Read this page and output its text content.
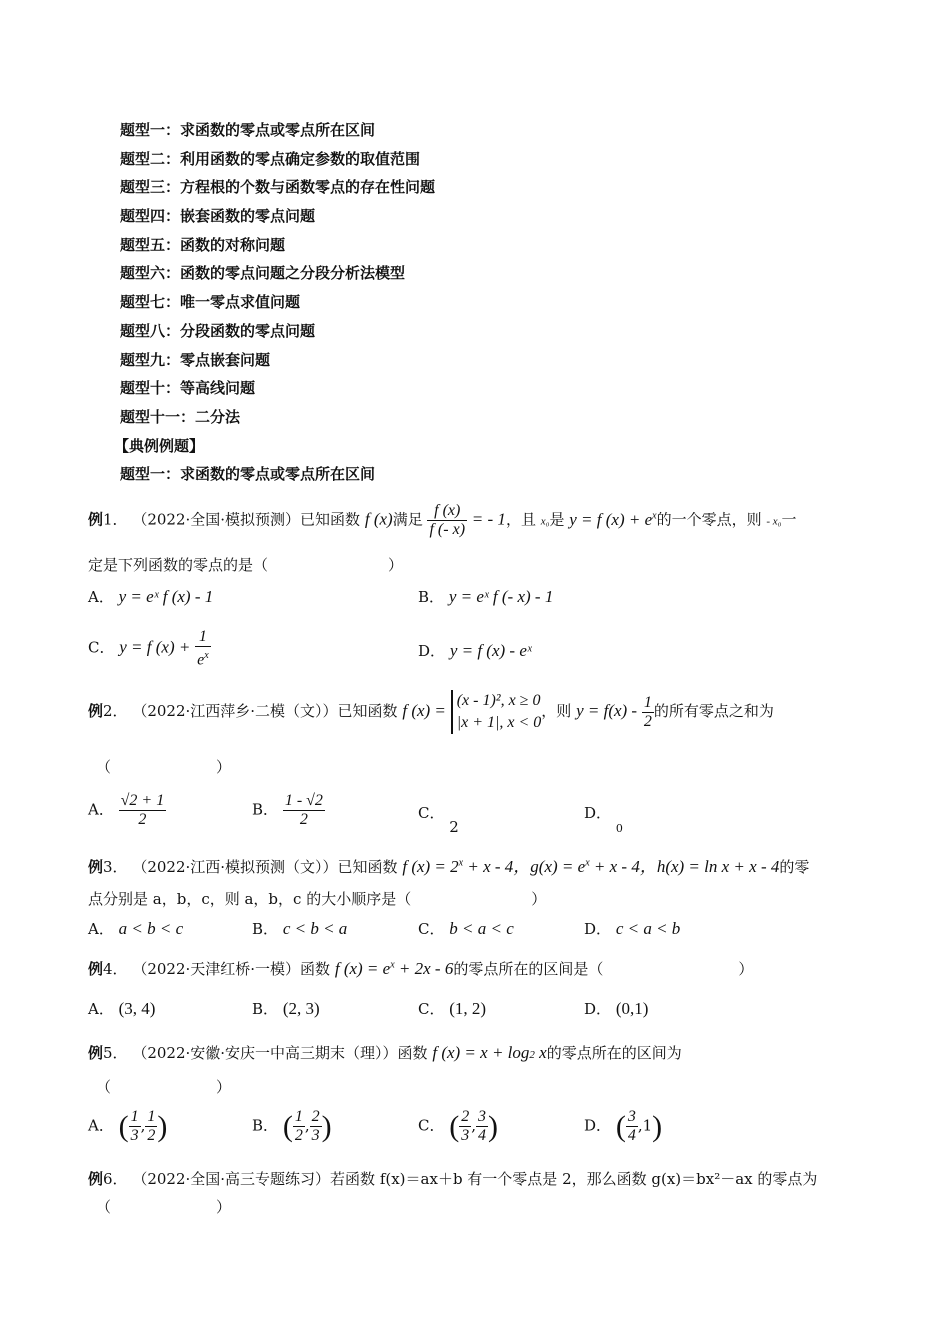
题型一：求函数的零点或零点所在区间
题型二：利用函数的零点确定参数的取值范围
题型三：方程根的个数与函数零点的存在性问题
题型四：嵌套函数的零点问题
题型五：函数的对称问题
题型六：函数的零点问题之分段分析法模型
题型七：唯一零点求值问题
题型八：分段函数的零点问题
题型九：零点嵌套问题
题型十：等高线问题
题型十一：二分法
【典例例题】
题型一：求函数的零点或零点所在区间
例1． （2022·全国·模拟预测）已知函数 f (x)满足 $\frac{f (x)}{f (- x)}$ = - 1，且 x₀是 y = f $(x) + e^x$的一个零点，则 - x₀一
定是下列函数的零点的是（　　　　　　　　）
A． y = eˣ f (x) - 1	B． y = eˣ f (- x) - 1
C． y = f $(x) + \frac{1}{e^x}$	D． y = f (x) - eˣ
例2． （2022·江西萍乡·二模（文））已知函数 f (x) =
(x - 1)², x ≥ 0
|x + 1|, x < 0
，则 $y = f(x) - \frac{1}{2}$ 的所有零点之和为
（　　　　　　　）
A． $\frac{√2 + 1}{2}$	B． $\frac{1 - √2}{2}$	C． 2
D． $_0$
例3． （2022·江西·模拟预测（文））已知函数 f $(x) = 2^x + x - 4$，$g(x) = e^x + x - 4$，h(x) = ln x + x - 4的零
点分别是 a，b，c，则 a，b，c 的大小顺序是（　　　　　　　　）
A． a < b < c	B． c < b < a	C． b < a < c	D． c < a < b
例4． （2022·天津红桥·一模）函数 f $(x) = e^x + 2x - 6$的零点所在的区间是（　　　　　　　　　）
A． (3, 4)	B． (2, 3)	C． (1, 2)	D． (0,1)
例5． （2022·安徽·安庆一中高三期末（理））函数 f (x) = x + log2 x的零点所在的区间为
（　　　　　　　）
A． ( $\frac{1}{3}$ , $\frac{1}{2}$ )	B． ( $\frac{1}{2}$ , $\frac{2}{3}$ )	C． ( $\frac{2}{3}$ , $\frac{3}{4}$ )	D． ( $\frac{3}{4} ,1$)
例6． （2022·全国·高三专题练习）若函数 f(x)＝ax＋b 有一个零点是 2，那么函数 g(x)＝bx²－ax 的零点为
（　　　　　　　）
